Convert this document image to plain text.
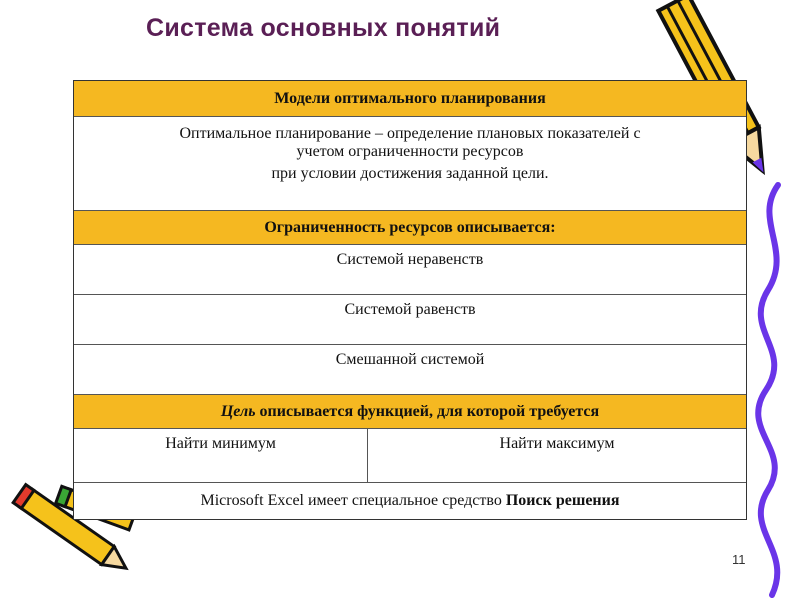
Система основных понятий
Модели оптимального планирования
Оптимальное планирование – определение плановых показателей с
учетом ограниченности ресурсов
при условии достижения заданной цели.
Ограниченность ресурсов описывается:
Системой неравенств
Системой равенств
Смешанной системой
Цель описывается функцией, для которой требуется
Найти минимум	Найти максимум
Microsoft Excel имеет специальное средство Поиск решения
11
